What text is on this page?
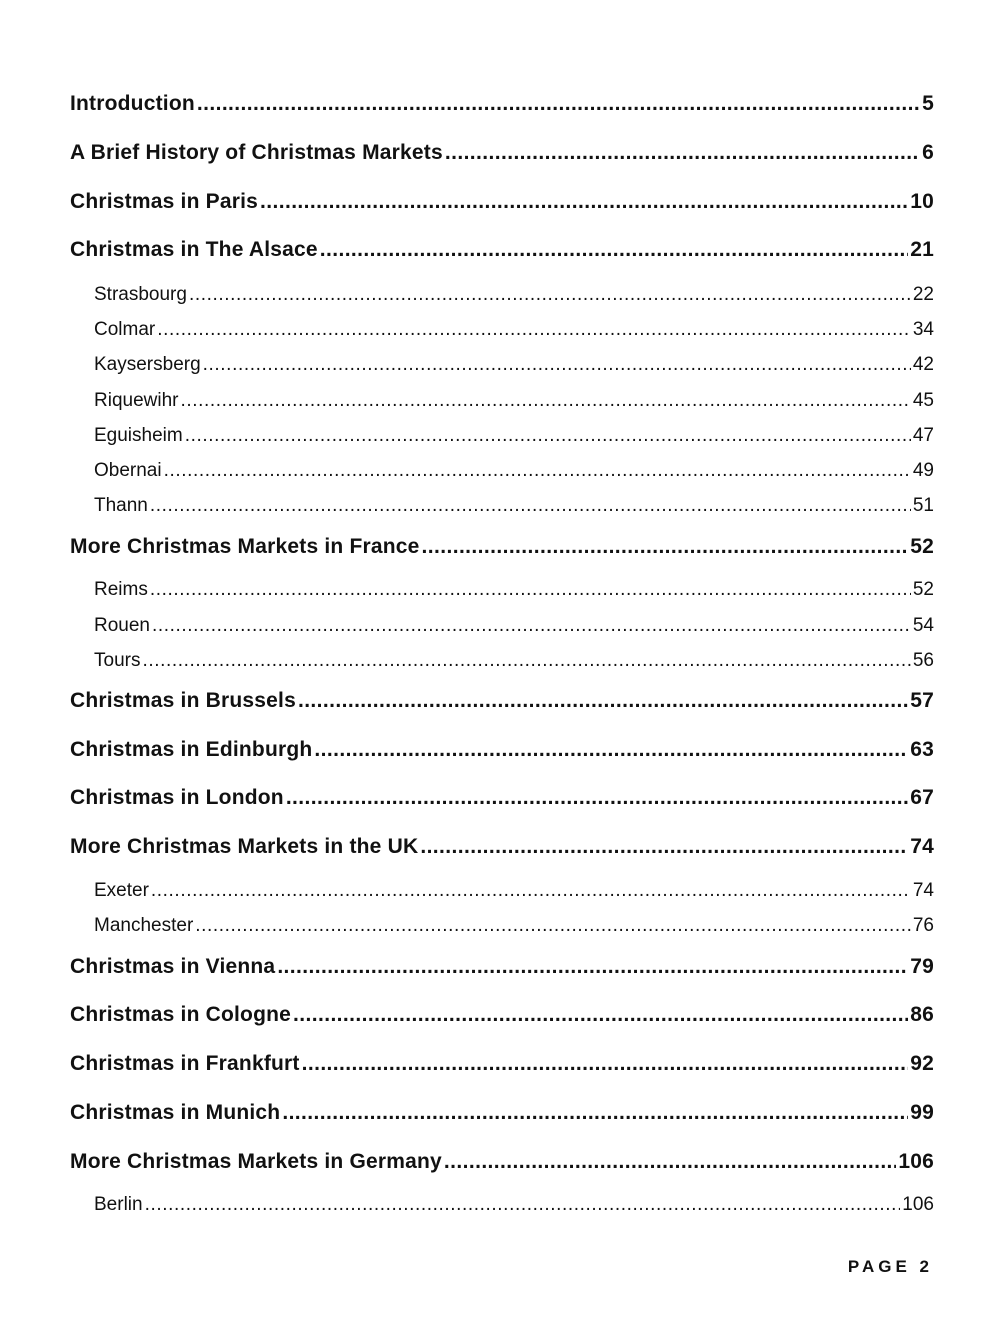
Introduction .....	5
A Brief History of Christmas Markets .....	6
Christmas in Paris .....	10
Christmas in The Alsace .....	21
Strasbourg .....	22
Colmar .....	34
Kaysersberg .....	42
Riquewihr .....	45
Eguisheim .....	47
Obernai .....	49
Thann .....	51
More Christmas Markets in France .....	52
Reims .....	52
Rouen .....	54
Tours .....	56
Christmas in Brussels .....	57
Christmas in Edinburgh .....	63
Christmas in London .....	67
More Christmas Markets in the UK .....	74
Exeter .....	74
Manchester .....	76
Christmas in Vienna .....	79
Christmas in Cologne .....	86
Christmas in Frankfurt .....	92
Christmas in Munich .....	99
More Christmas Markets in Germany .....	106
Berlin .....	106
PAGE 2
